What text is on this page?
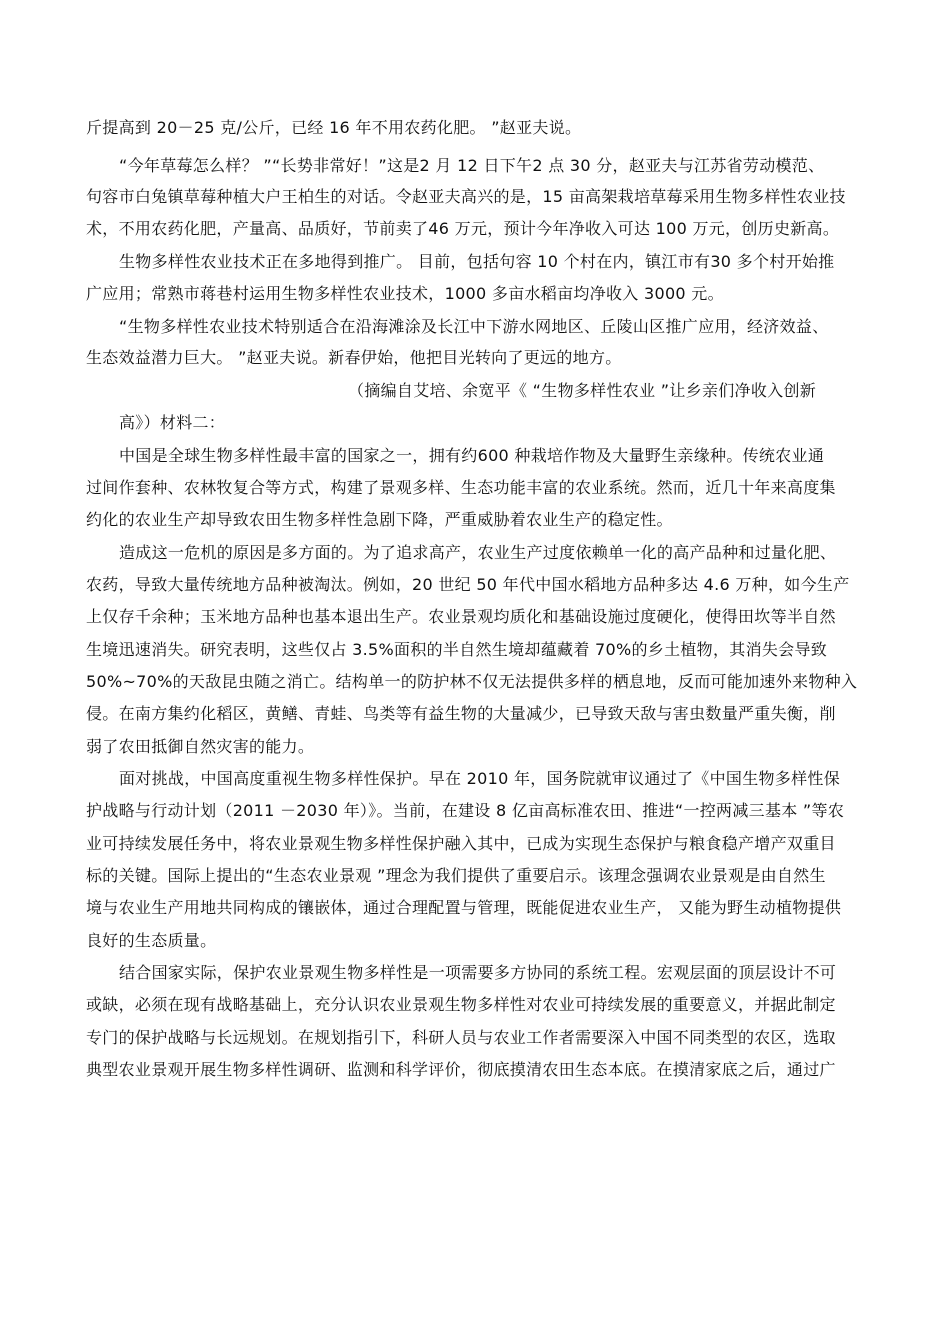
斤提高到 20－25 克/公斤，已经 16 年不用农药化肥。 ”赵亚夫说。
“今年草莓怎么样？ ”“长势非常好！”这是2 月 12 日下午2 点 30 分，赵亚夫与江苏省劳动模范、
句容市白兔镇草莓种植大户王柏生的对话。令赵亚夫高兴的是，15 亩高架栽培草莓采用生物多样性农业技
术，不用农药化肥，产量高、品质好，节前卖了46 万元，预计今年净收入可达 100 万元，创历史新高。
生物多样性农业技术正在多地得到推广。 目前，包括句容 10 个村在内，镇江市有30 多个村开始推
广应用；常熟市蒋巷村运用生物多样性农业技术，1000 多亩水稻亩均净收入 3000 元。
“生物多样性农业技术特别适合在沿海滩涂及长江中下游水网地区、丘陵山区推广应用，经济效益、
生态效益潜力巨大。 ”赵亚夫说。新春伊始，他把目光转向了更远的地方。
（摘编自艾培、余宽平《 “生物多样性农业 ”让乡亲们净收入创新
高》）材料二：
中国是全球生物多样性最丰富的国家之一，拥有约600 种栽培作物及大量野生亲缘种。传统农业通
过间作套种、农林牧复合等方式，构建了景观多样、生态功能丰富的农业系统。然而，近几十年来高度集
约化的农业生产却导致农田生物多样性急剧下降，严重威胁着农业生产的稳定性。
造成这一危机的原因是多方面的。为了追求高产，农业生产过度依赖单一化的高产品种和过量化肥、
农药，导致大量传统地方品种被淘汰。例如，20 世纪 50 年代中国水稻地方品种多达 4.6 万种，如今生产
上仅存千余种；玉米地方品种也基本退出生产。农业景观均质化和基础设施过度硬化，使得田坎等半自然
生境迅速消失。研究表明，这些仅占 3.5%面积的半自然生境却蕴藏着 70%的乡土植物，其消失会导致
50%~70%的天敌昆虫随之消亡。结构单一的防护林不仅无法提供多样的栖息地，反而可能加速外来物种入
侵。在南方集约化稻区，黄鳝、青蛙、鸟类等有益生物的大量减少，已导致天敌与害虫数量严重失衡，削
弱了农田抵御自然灾害的能力。
面对挑战，中国高度重视生物多样性保护。早在 2010 年，国务院就审议通过了《中国生物多样性保
护战略与行动计划（2011 －2030 年）》。当前，在建设 8 亿亩高标准农田、推进“一控两减三基本 ”等农
业可持续发展任务中，将农业景观生物多样性保护融入其中，已成为实现生态保护与粮食稳产增产双重目
标的关键。国际上提出的“生态农业景观 ”理念为我们提供了重要启示。该理念强调农业景观是由自然生
境与农业生产用地共同构成的镶嵌体，通过合理配置与管理，既能促进农业生产， 又能为野生动植物提供
良好的生态质量。
结合国家实际，保护农业景观生物多样性是一项需要多方协同的系统工程。宏观层面的顶层设计不可
或缺，必须在现有战略基础上，充分认识农业景观生物多样性对农业可持续发展的重要意义，并据此制定
专门的保护战略与长远规划。在规划指引下，科研人员与农业工作者需要深入中国不同类型的农区，选取
典型农业景观开展生物多样性调研、监测和科学评价，彻底摸清农田生态本底。在摸清家底之后，通过广
